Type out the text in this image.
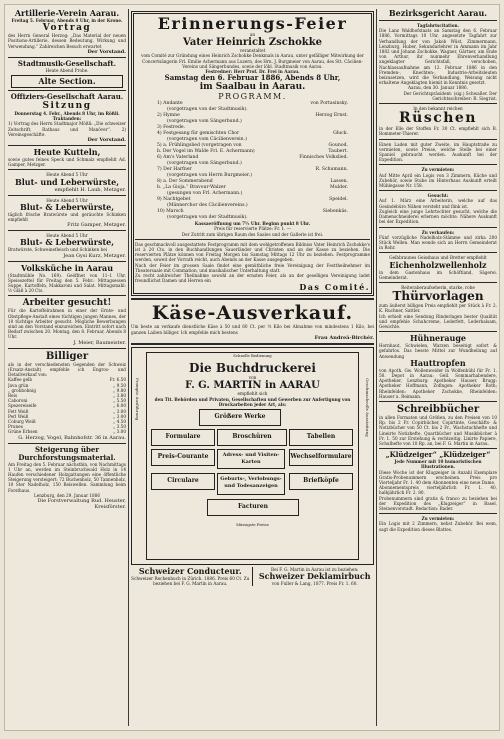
Artillerie-Verein Aarau.

Freitag 5. Februar, Abends 8 Uhr, in der Krone.

Vortrag

des Herrn General Herzog: „Das Material der neuen Positions-Artillerie, dessen Bedeutung, Wirkung und Verwendung.“ Zahlreichen Besuch erwartet

Der Vorstand.
Stadtmusik-Gesellschaft.

Heute Abend Probe.

Alte Section.
Offiziers-Gesellschaft Aarau.
Sitzung

Donnerstag 4. Febr., Abends 8 Uhr, im Rößli.

Traktanden:

1) Vortrag des Herrn Stadtmajor Mößli: „Die schweizer Zeitschrift, Rathaus und Manöver“. 2) Vereinsgeschäfte.

Der Vorstand.
Heute Kutteln,

sowie gutes feines Speck und Schmalz empfiehlt Ad. Gamper, Metzger.

Heute Abend 5 Uhr

Blut- und Leberwürste,
empfiehlt H. Laub, Metzger.

Heute Abend 5 Uhr

Blut- & Leberwürste,

täglich frische Bratwürste und geräuchte Schinken empfiehlt

Fritz Gamper, Metzger.

Heute Abend 5 Uhr

Blut- & Leberwürste,

Bratwürste, Schweinefleisch und Schinken bei

Jean Gysi Kurz, Metzger.
Volksküche in Aarau

(Stadtmühle No. 169). Geöffnet von 11–1 Uhr. Speisezettel für Freitag den 5. Febr.: Mittagsessen Suppe, Kartoffeln, Makkaroni und Salat. Mittagsmahl: ½ Gläß à 20 Cts.

Arbeiter gesucht!

Für die Kartoffelrahmen in einer der Ernte- und Obstpflege-Anstalt eines tüchtigen jungen Mannes, der 10 tüchtige Arbeiter gesucht. Mögliche Bewerbungen sind an den Vorstand einzureichen. Eintritt sofort nach Bedarf zwischen 20. Montag, den 8. Februar, Abends 8 Uhr.

J. Meier, Baumeister.
Billiger

als in der verschiedensten Gegenden der Schweiz (Ersatz-Anstalt) empfehle ich Engros- und Detailverkauf von:

Kaffee gelb	Fr. 6.50
Java grün	„ 9.50
„ grobbohnig	„ 9.80
Reis	„ 3.80
Caboroni	„ 5.50
Spezereiseife	„ 6.00
Fett Weiß	„ 3.00
Perl Weiß	„ 3.00
Coburg Weiß	„ 4.50
Prunes	„ 3.50
Grüne Erbsen	„ 3.00
G. Herzog, Vogel, Bahnhofstr. 36 in Aarau.
Steigerung über Durchforstungsmaterial.

Am Freitag den 5. Februar nächsthin, von Nachmittags 1 Uhr an, werden im Steinbruchwald Holz in 14 Haufen verschiedener Holzgattungen eine öffentliche Steigerung versteigert: 72 Buchenholz, 50 Tannenholz, 10 Ster Nadelholz, 150 Reiswellen. Sammlung beim Forsthaus.

Lenzburg, den 29. Januar 1886

Die Forstverwaltung Rud. Heuster, Kreisförster.
Erinnerungs-Feier

an

Vater Heinrich Zschokke

veranstaltet

vom Comité zur Gründung eines Heinrich Zschokke Denkmals in Aarau, unter gefälliger Mitwirkung der Concertsängerin Frl. Emilie Achermann aus Luzern, des Hrn. J. Burgmeier von Aarau, des Stt. Cäcilien-Vereins und Sängerbundes, sowie der löbl. Stadtmusik von Aarau.

Festredner: Herr Prof. Dr. Frei in Aarau.

Samstag den 6. Februar 1886, Abends 8 Uhr,
im Saalbau in Aarau.
PROGRAMM.
1) Andante	von Portasinsky.
(vorgetragen von der Stadtmusik).
2) Hymne	Herzog Ernst.
(vorgetragen vom Sängerbund.)
3) Festrede.
4) Festgesang für gemischten Chor	Gluck.
(vorgetragen vom Cäcilienverein.)
5) a. Frühlingslied (vorgetragen von	Gounod.
b. Der Vogel im Walde Frl. E. Achermann)	Taubert.
6) Am's Vaterland	Finnisches Volkslied.
(vorgetragen vom Sängerbund.)
7) Der Harfner	R. Schumann.
(vorgetragen von Herrn Burgmeier.)
8) a. Der Sommerabend	Lassen.
b. „La Gioja.“ Bravour-Walzer	Mulder.
(gesungen von Frl. Achermann.)
9) Nachtgebet	Speidel.
(Männerchor des Cäcilienvereins.)
10) Marsch	Siebenkäs.
(vorgetragen von der Stadtmusik).

Kassaeröffnung um 7½ Uhr. Beginn punkt 8 Uhr.

Preis für reservierte Plätze: Fr. 1. —

Der Zutritt zum übrigen Raum des Saales und der Gallerie ist frei.

Das geschmackvoll ausgestattete Festprogramm mit dem wohlgetroffenen Bildniss Vater Heinrich Zschokke's ist à 20 Cts. in den Buchhandlungen Sauerländer und Christen und an der Kasse zu beziehen. Die reservierten Plätze können von Freitag Morgen bis Samstag Mittags 12 Uhr zu beziehen. Festprogramme werden, soweit der Vorrath reicht, auch Abends an der Kasse ausgegeben.

Nach der Feier im grossen Saale findet eine gemüthliche freie Vereinigung der Festtheilnehmer im Theatersaale mit Commation, und musikalischer Unterhaltung statt.

Zu recht zahlreicher Theilnahme sowohl an der ernsten Feier, als an der geselligen Vereinigung ladet freundlichst Damen und Herren ein

Das Comité.
Käse-Ausverkauf.

Um beste an verkaufe dienstliche Käse à 50 und 60 Ct. per ½ Kilo bei Abnahme von mindestens 1 Kilo, bei ganzen Laiben billiger. Ich empfehle mich bestens

Frau Andreä-Birchér.
Prompte Ausführung	Geschmackvolle Ausstattung

Schnelle Bedienung

Die Buchdruckerei

von

F. G. MARTIN in AARAU

empfiehlt sich

den Tit. Behörden und Privaten, Gesellschaften und Gewerben zur Anfertigung von Druckarbeiten jeder Art, als:

Größere Werke
Formulare	Broschüren	Tabellen
Preis-Courante	Adress- und Visiten-Karten
Wechselformulare
Circulare	Briefköpfe
Geburts-, Verlobungs- und Todesanzeigen
Facturen

Mässigste Preise

Schweizer Conducteur.

Schweizer Rechenbuch in Zürich. 1886. Preis 60 Ct. Zu beziehen bei F. G. Martin in Aarau.

Bei F. G. Martin in Aarau ist zu beziehen:

Schweizer Deklamirbuch

von Fuller & Lang, 1877. Preis Fr. 1. 60.

Bezirksgericht Aarau.

Tagfahrtscitation.

Die Lanz Waldhofstaats an Samstag den 6. Februar 1886, Vormittags 10 Uhr, angesetzte Tagfahrt zur Verhandlung der von Jakob Wüst, Zimmermann, Lenzburg, Huber, Sekundarlehrer in Ammann im Jahr 1882 und Johann Zschokke, Wagner, Gärtner, am Ende von Arthur, ihr nunmehr Ehrenverhandlung angeklagter Gerichtsfall, verschoben, Nachlassaufnahme am 12. Februar 1886 in den Fremden-, Knechten-, Industrie-Arbeitsleuten beizusetzen, wird die Verhandlung, Weisung nicht erhaltene Angeklagten hiemit in Kenntnis gesetzt.

Aarau, den 30. Januar 1886.

Der Gerichtspräsident: (sig.) Schwaller. Der Gerichtsschreiber: R. Siegrist.

In den bekannt reichen

Rüschen

in der Elle der Stoffen Fr. 30 Ct. empfiehlt sich B. Bommeter-Thierer.

Einen Laden mit guter Zweite, im Hauptstraße zu vermieten, sowie Preise, welche Stelle bei einer Spaniel gebraucht werden. Auskunft bei der Expedition.

Zu vermieten:

Auf Mitte April ein Logis von 3 Zimmern, Küche und Zubehör, sowie Stube im Hinterhaus Auskunft erteilt Mühlegasse Nr. 158.

Gesucht:

Auf 1. März eine Arbeiterin, welche auf das Gesindebüro Nähen versteht und flink ist.

Zugleich eine junge Lehrtochter gesucht, welche die Damenschneiderei erlernen möchte. Nähere Auskunft bei der Expedition.

Zu verkaufen:

Fünf vorzügliche Nadelholz-Stämme und zirka 200 Stück Wellen. Man wende sich an Herrn Gemeinderat in Rohr.

Gelbbraunes Geisshaus und Bretter empfiehlt

Eichenholzwellenholz

in dem Gastenhaus im Schöftland, Sägerei. Gemeinderat.

Reiteraberaufseherin, starke, rohe

Thürvorlagen

zum äußerst billigen Preis empfiehlt per Stück à Fr. 2. K. Ruchner, Sattler.

Ich erhielt eine Sendung Rinderlagen bester Qualität und empfehle Schuhcreme, Lederfett, Lederbalsam, Gewichte.

Hühnerauge

Hornhaut, Schwielen, Warzen beseitigt sofort & gefahrlos. Das besste Mittel zur Wundheilung auf Anwendung

Hauttropfen

von Apoth. Gw. Wollenweider in Wolfenbühl für Fr. 1. 50. Depot in Aarau: Gell. Sommarhabendere, Apotheker, Lenzburg: Apotheker Hauser, Brugg: Apotheker Hoffmann, Zofingen: Apotheker Roth; Rheinfelden: Apotheker Zschokke, Rheinfelden: Hauser u. Reimann.

Schreibbücher

in allen Formaten und Größen, zu den Preisen von 10 Rp. bis 2 Fr. Copirbücher, Copirtinte, Geschäfts- & Notizbücher von 50 Ct. bis 2 Fr., Wachstuchhefte und Lineirte Notizhefte, Quartbücher und Musikbücher à Fr. 1. 50 zur Erstehung & rechtzeitig. Linirte Papiere, Schulhefte von 10 Rp. an, bei F. G. Martin in Aarau.

„Klüdzeiger“ „Klüdzeiger“

Jede Nummer mit 10 humoristischen Illustrationen.

Diese Woche ist der Klugzeiger in Anzahl Exemplare Gratis-Probenummern erscheinen. Preis pro Vierteljahr Fr. 1. 40 dem Abonnenten eine neue Dame.

Abonnementspreis vierteljährlich Fr. 1. 40, halbjährlich Fr. 2. 80.

Probenummern sind gratis & franco zu beziehen bei der Expedition des „Klugzeiger“ in Basel, Steinenvorstadt. Redaction: Bader.

Zu vermieten:

Ein Logis mit 2 Zimmern, nebst Zubehör. Bei wem, sagt die Expedition dieses Blattes.
